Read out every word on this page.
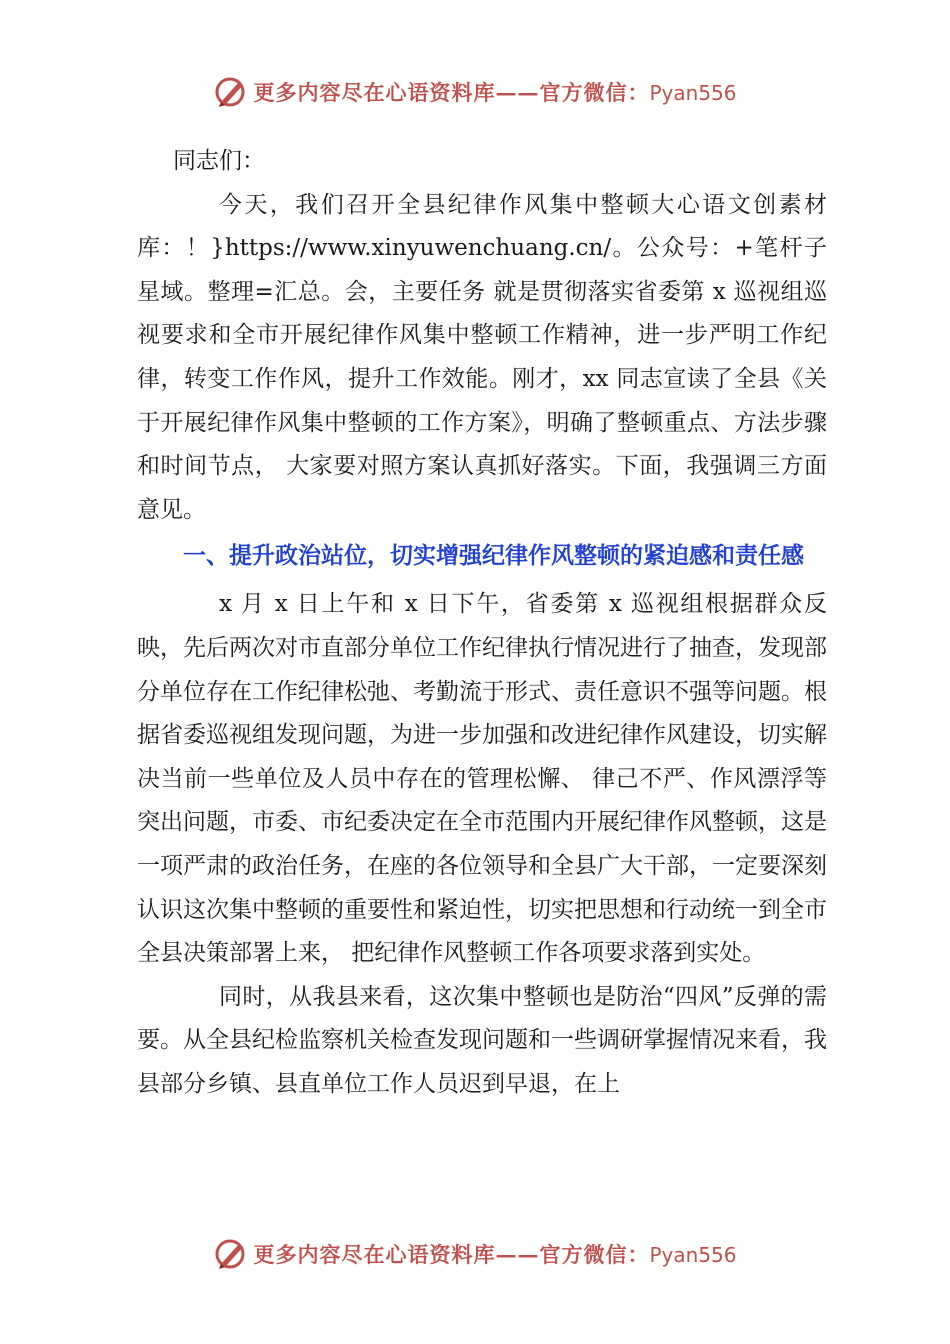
更多内容尽在心语资料库——官方微信：Pyan556

同志们：

今天，我们召开全县纪律作风集中整顿大心语文创素材库：！}https://www.xinyuwenchuang.cn/。公众号：+笔杆子星域。整理=汇总。会，主要任务 就是贯彻落实省委第 x 巡视组巡视要求和全市开展纪律作风集中整顿工作精神，进一步严明工作纪律，转变工作作风，提升工作效能。刚才，xx 同志宣读了全县《关于开展纪律作风集中整顿的工作方案》，明确了整顿重点、方法步骤和时间节点， 大家要对照方案认真抓好落实。下面，我强调三方面意见。

一、提升政治站位，切实增强纪律作风整顿的紧迫感和责任感

x 月 x 日上午和 x 日下午，省委第 x 巡视组根据群众反映，先后两次对市直部分单位工作纪律执行情况进行了抽查，发现部分单位存在工作纪律松弛、考勤流于形式、责任意识不强等问题。根据省委巡视组发现问题，为进一步加强和改进纪律作风建设，切实解决当前一些单位及人员中存在的管理松懈、 律己不严、作风漂浮等突出问题，市委、市纪委决定在全市范围内开展纪律作风整顿，这是一项严肃的政治任务，在座的各位领导和全县广大干部，一定要深刻认识这次集中整顿的重要性和紧迫性，切实把思想和行动统一到全市全县决策部署上来， 把纪律作风整顿工作各项要求落到实处。

同时，从我县来看，这次集中整顿也是防治“四风”反弹的需要。从全县纪检监察机关检查发现问题和一些调研掌握情况来看，我县部分乡镇、县直单位工作人员迟到早退，在上

更多内容尽在心语资料库——官方微信：Pyan556
